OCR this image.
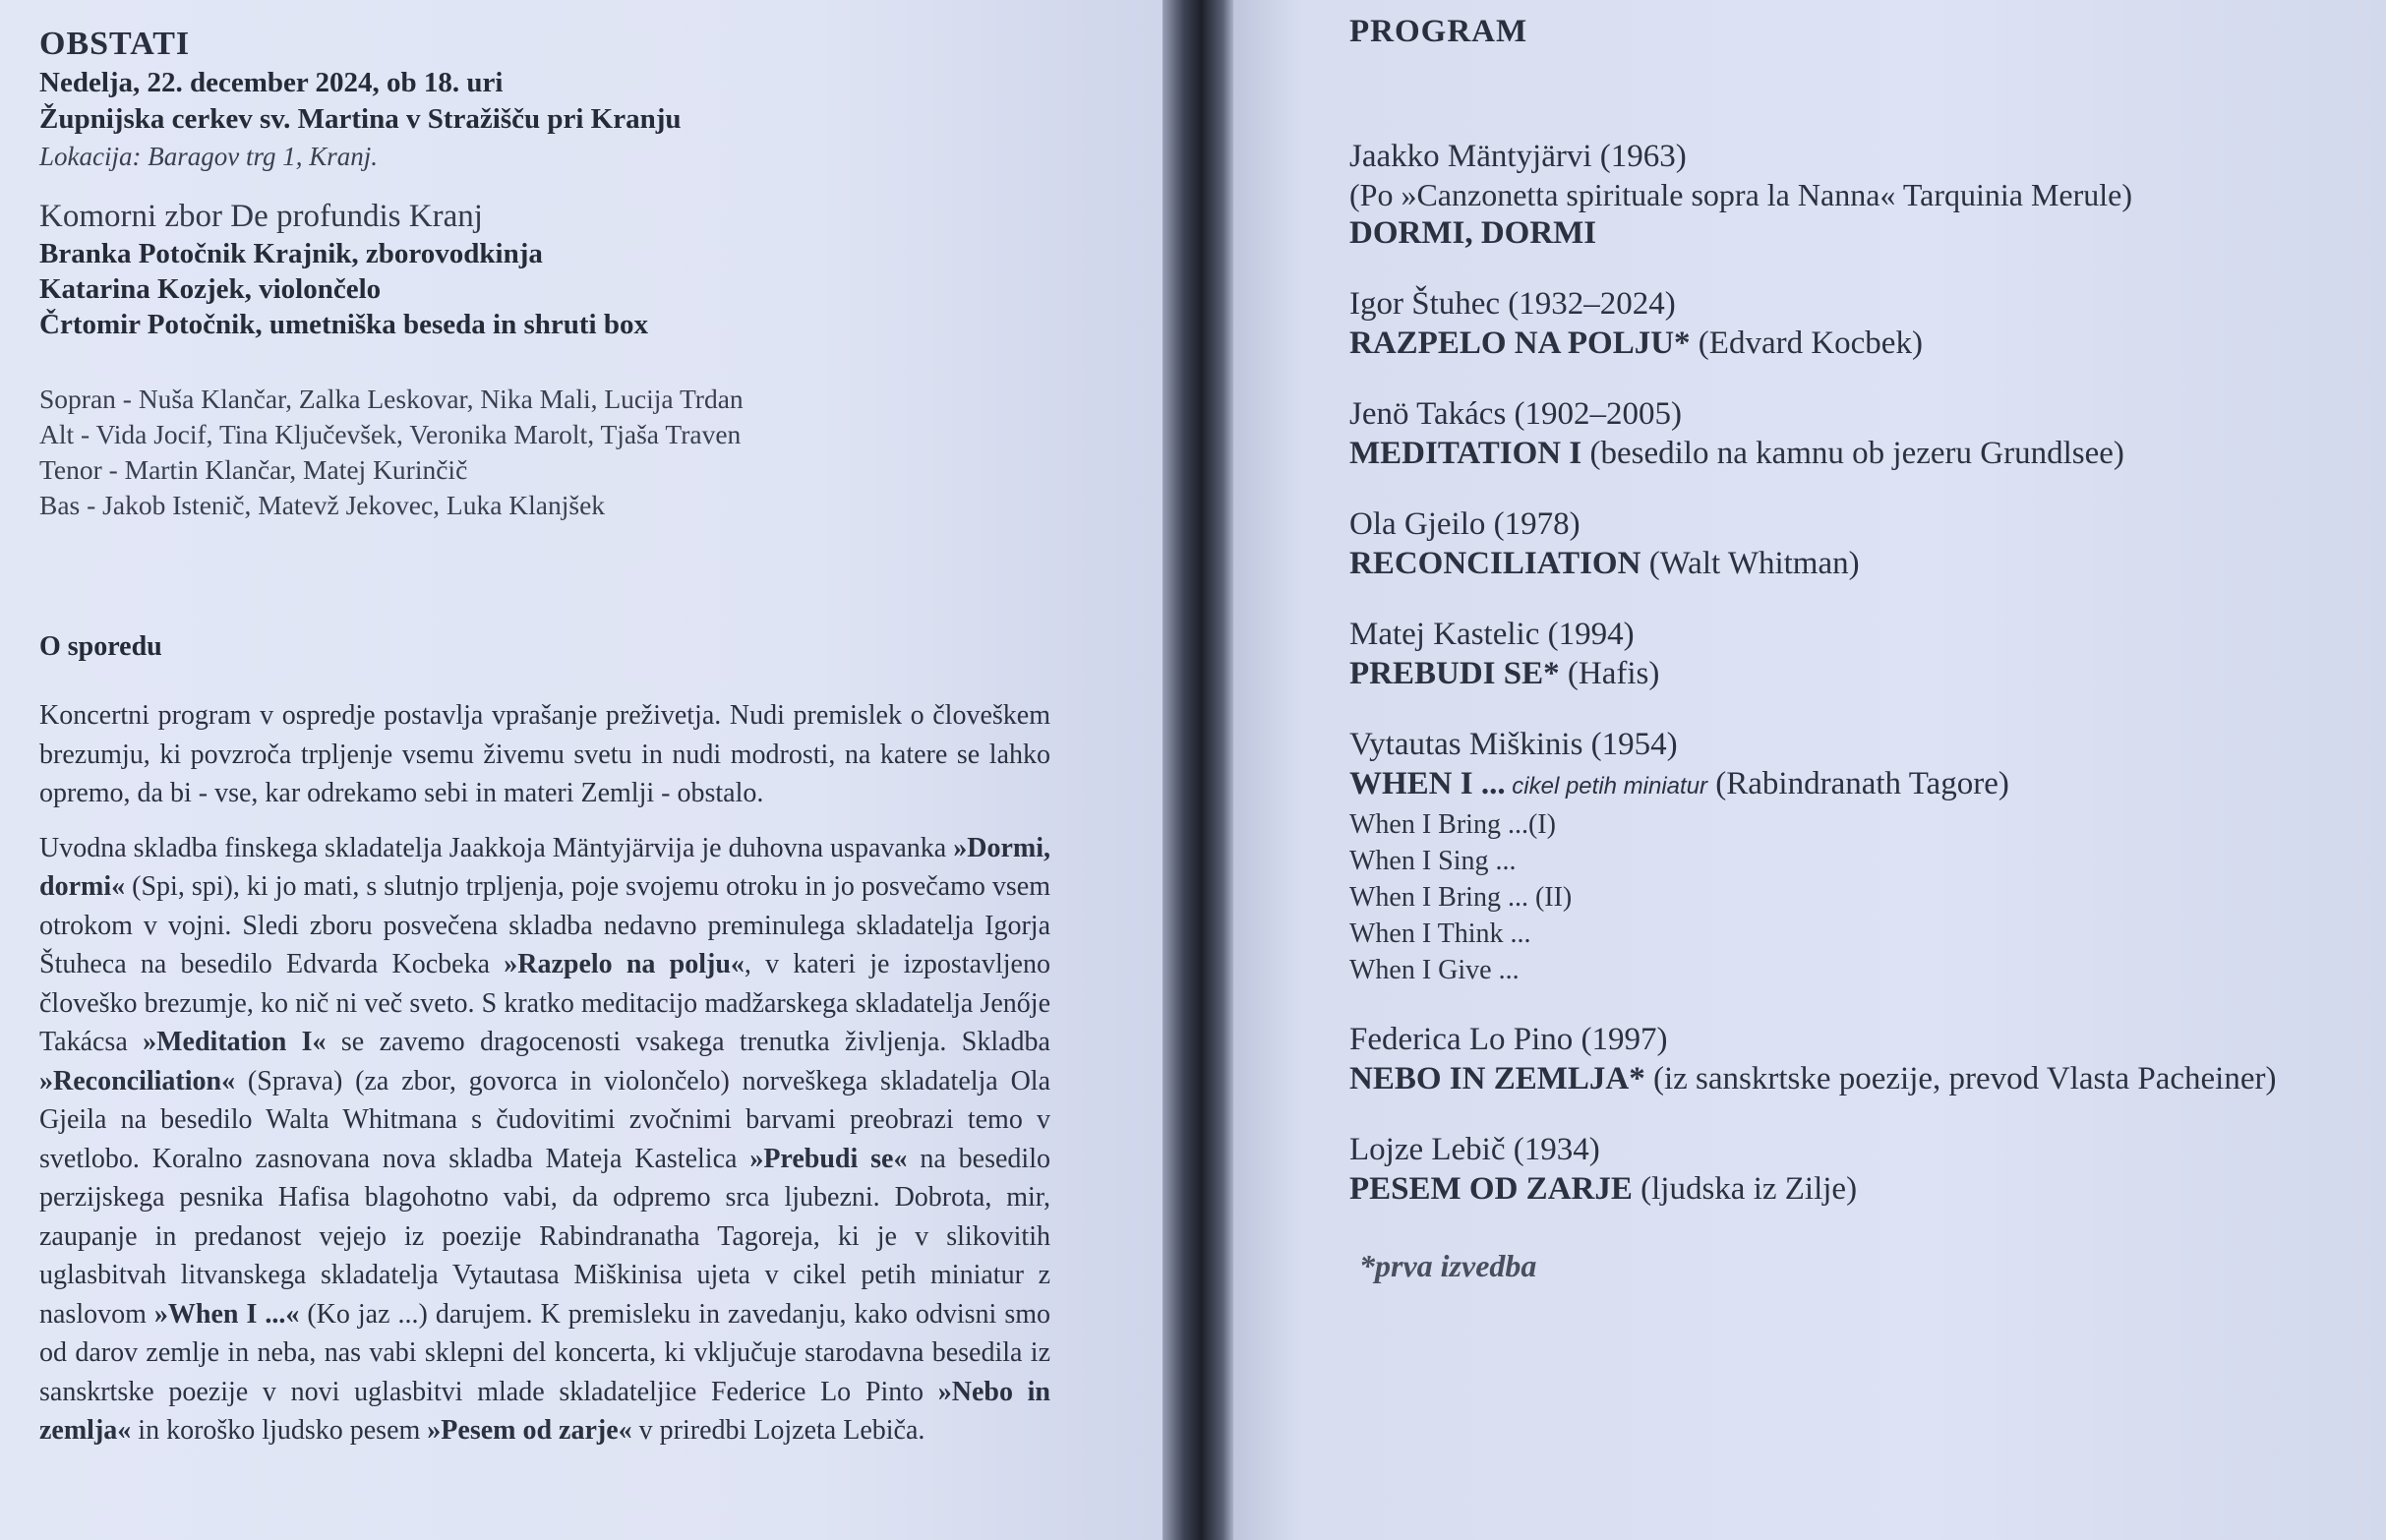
OBSTATI
Nedelja, 22. december 2024, ob 18. uri
Župnijska cerkev sv. Martina v Stražišču pri Kranju
Lokacija: Baragov trg 1, Kranj.
Komorni zbor De profundis Kranj
Branka Potočnik Krajnik, zborovodkinja
Katarina Kozjek, violončelo
Črtomir Potočnik, umetniška beseda in shruti box
Sopran - Nuša Klančar, Zalka Leskovar, Nika Mali, Lucija Trdan
Alt - Vida Jocif, Tina Ključevšek, Veronika Marolt, Tjaša Traven
Tenor - Martin Klančar, Matej Kurinčič
Bas - Jakob Istenič, Matevž Jekovec, Luka Klanjšek
O sporedu

Koncertni program v ospredje postavlja vprašanje preživetja. Nudi premislek o človeškem brezumju, ki povzroča trpljenje vsemu živemu svetu in nudi modrosti, na katere se lahko opremo, da bi - vse, kar odrekamo sebi in materi Zemlji - obstalo.

Uvodna skladba finskega skladatelja Jaakkoja Mäntyjärvija je duhovna uspavanka »Dormi, dormi« (Spi, spi), ki jo mati, s slutnjo trpljenja, poje svojemu otroku in jo posvečamo vsem otrokom v vojni. Sledi zboru posvečena skladba nedavno preminulega skladatelja Igorja Štuheca na besedilo Edvarda Kocbeka »Razpelo na polju«, v kateri je izpostavljeno človeško brezumje, ko nič ni več sveto. S kratko meditacijo madžarskega skladatelja Jenője Takácsa »Meditation I« se zavemo dragocenosti vsakega trenutka življenja. Skladba »Reconciliation« (Sprava) (za zbor, govorca in violončelo) norveškega skladatelja Ola Gjeila na besedilo Walta Whitmana s čudovitimi zvočnimi barvami preobrazi temo v svetlobo. Koralno zasnovana nova skladba Mateja Kastelica »Prebudi se« na besedilo perzijskega pesnika Hafisa blagohotno vabi, da odpremo srca ljubezni. Dobrota, mir, zaupanje in predanost vejejo iz poezije Rabindranatha Tagoreja, ki je v slikovitih uglasbitvah litvanskega skladatelja Vytautasa Miškinisa ujeta v cikel petih miniatur z naslovom »When I ...« (Ko jaz ...) darujem. K premisleku in zavedanju, kako odvisni smo od darov zemlje in neba, nas vabi sklepni del koncerta, ki vključuje starodavna besedila iz sanskrtske poezije v novi uglasbitvi mlade skladateljice Federice Lo Pinto »Nebo in zemlja« in koroško ljudsko pesem »Pesem od zarje« v priredbi Lojzeta Lebiča.

PROGRAM
Jaakko Mäntyjärvi (1963)
(Po »Canzonetta spirituale sopra la Nanna« Tarquinia Merule)
DORMI, DORMI
Igor Štuhec (1932–2024)
RAZPELO NA POLJU* (Edvard Kocbek)
Jenö Takács (1902–2005)
MEDITATION I (besedilo na kamnu ob jezeru Grundlsee)
Ola Gjeilo (1978)
RECONCILIATION (Walt Whitman)
Matej Kastelic (1994)
PREBUDI SE* (Hafis)
Vytautas Miškinis (1954)
WHEN I ... cikel petih miniatur (Rabindranath Tagore)
When I Bring ...(I)
When I Sing ...
When I Bring ... (II)
When I Think ...
When I Give ...
Federica Lo Pino (1997)
NEBO IN ZEMLJA* (iz sanskrtske poezije, prevod Vlasta Pacheiner)
Lojze Lebič (1934)
PESEM OD ZARJE (ljudska iz Zilje)
*prva izvedba
